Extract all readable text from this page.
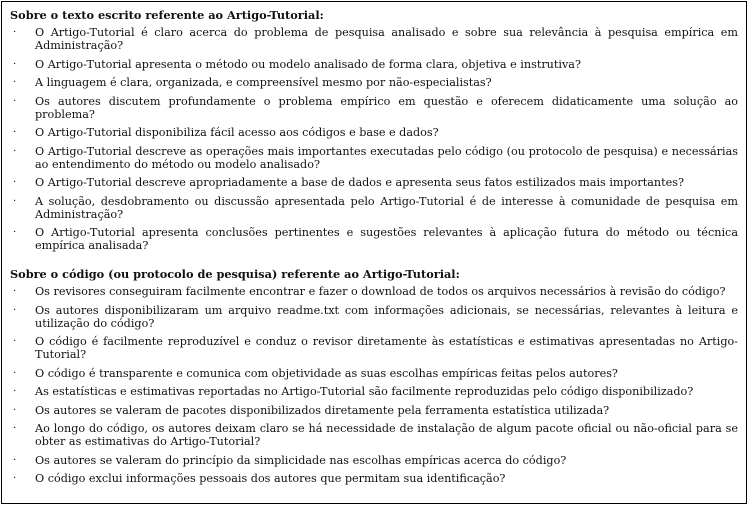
Sobre o texto escrito referente ao Artigo-Tutorial:
· O Artigo-Tutorial é claro acerca do problema de pesquisa analisado e sobre sua relevância à pesquisa empírica em Administração?
· O Artigo-Tutorial apresenta o método ou modelo analisado de forma clara, objetiva e instrutiva?
· A linguagem é clara, organizada, e compreensível mesmo por não-especialistas?
· Os autores discutem profundamente o problema empírico em questão e oferecem didaticamente uma solução ao problema?
· O Artigo-Tutorial disponibiliza fácil acesso aos códigos e base e dados?
· O Artigo-Tutorial descreve as operações mais importantes executadas pelo código (ou protocolo de pesquisa) e necessárias ao entendimento do método ou modelo analisado?
· O Artigo-Tutorial descreve apropriadamente a base de dados e apresenta seus fatos estilizados mais importantes?
· A solução, desdobramento ou discussão apresentada pelo Artigo-Tutorial é de interesse à comunidade de pesquisa em Administração?
· O Artigo-Tutorial apresenta conclusões pertinentes e sugestões relevantes à aplicação futura do método ou técnica empírica analisada?
Sobre o código (ou protocolo de pesquisa) referente ao Artigo-Tutorial:
· Os revisores conseguiram facilmente encontrar e fazer o download de todos os arquivos necessários à revisão do código?
· Os autores disponibilizaram um arquivo readme.txt com informações adicionais, se necessárias, relevantes à leitura e utilização do código?
· O código é facilmente reproduzível e conduz o revisor diretamente às estatísticas e estimativas apresentadas no Artigo-Tutorial?
· O código é transparente e comunica com objetividade as suas escolhas empíricas feitas pelos autores?
· As estatísticas e estimativas reportadas no Artigo-Tutorial são facilmente reproduzidas pelo código disponibilizado?
· Os autores se valeram de pacotes disponibilizados diretamente pela ferramenta estatística utilizada?
· Ao longo do código, os autores deixam claro se há necessidade de instalação de algum pacote oficial ou não-oficial para se obter as estimativas do Artigo-Tutorial?
· Os autores se valeram do princípio da simplicidade nas escolhas empíricas acerca do código?
· O código exclui informações pessoais dos autores que permitam sua identificação?
